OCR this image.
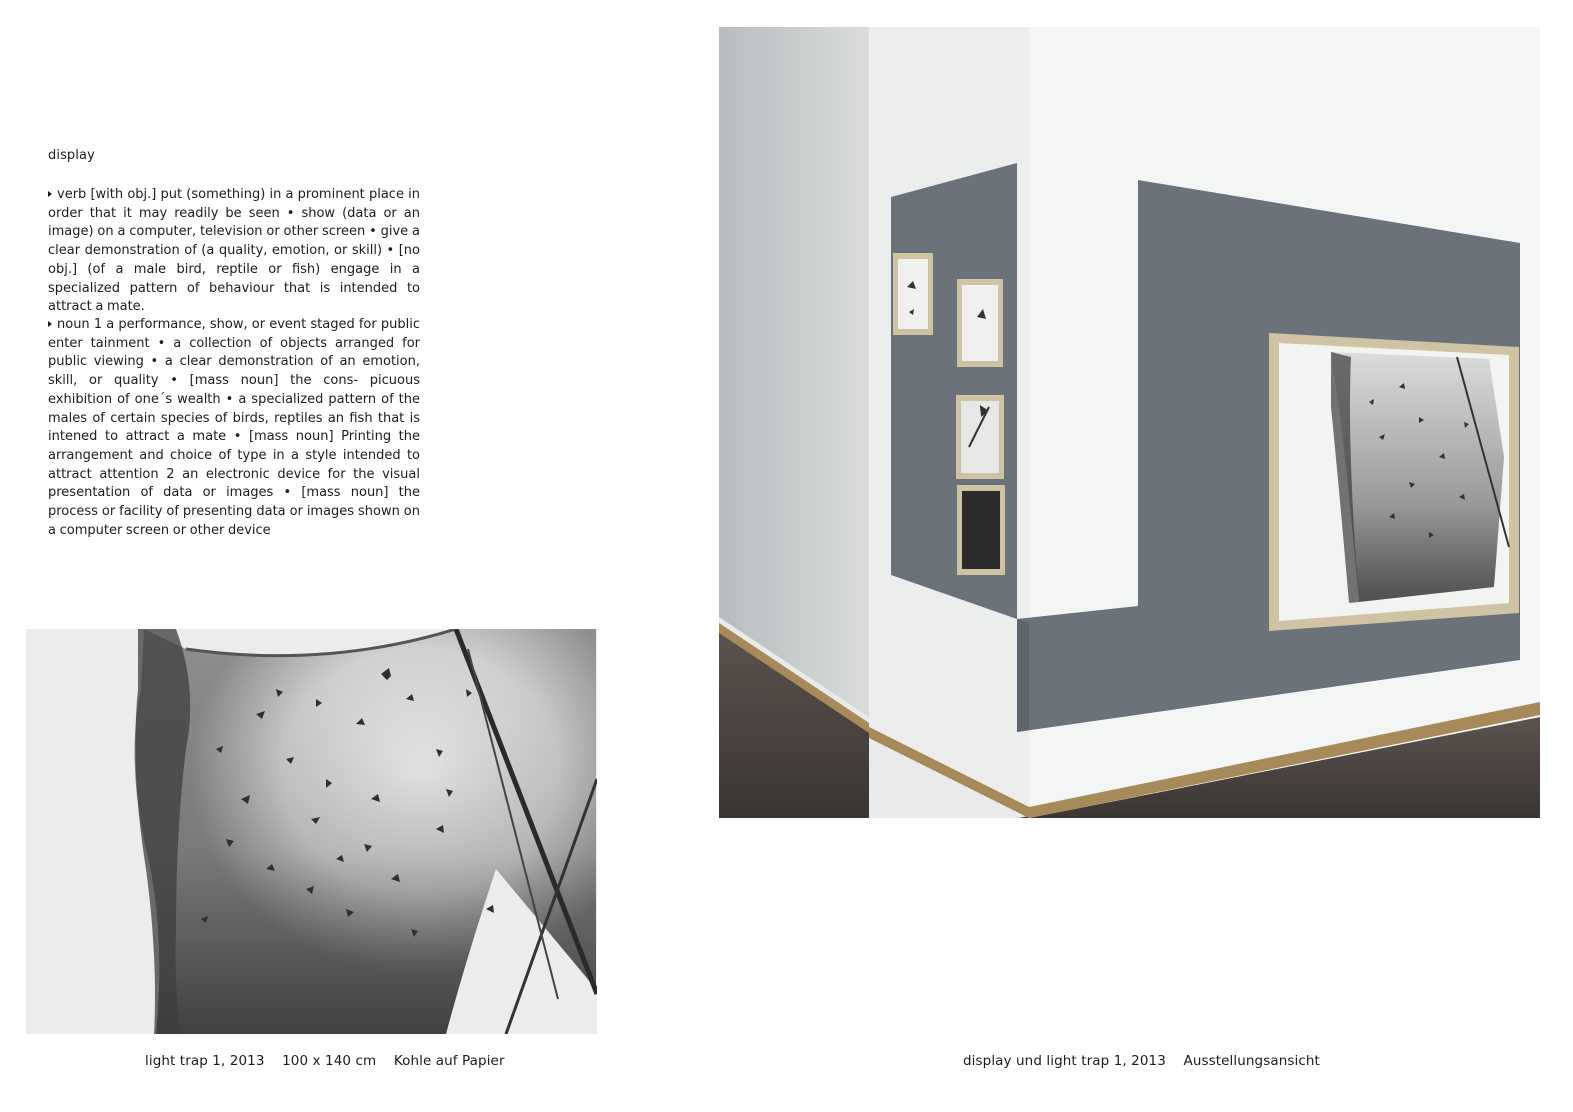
display

verb [with obj.] put (something) in a prominent place in order that it may readily be seen • show (data or an image) on a computer, television or other screen • give a clear demonstration of (a quality, emotion, or skill) • [no obj.] (of a male bird, reptile or fish) engage in a specialized pattern of behaviour that is intended to attract a mate.

noun 1 a performance, show, or event staged for public enter tainment • a collection of objects arranged for public viewing • a clear demonstration of an emotion, skill, or quality • [mass noun] the cons- picuous exhibition of one´s wealth • a specialized pattern of the males of certain species of birds, reptiles an fish that is intened to attract a mate • [mass noun] Printing the arrangement and choice of type in a style intended to attract attention 2 an electronic device for the visual presentation of data or images • [mass noun] the process or facility of presenting data or images shown on a computer screen or other device

light trap 1, 2013    100 x 140 cm    Kohle auf Papier	display und light trap 1, 2013    Ausstellungsansicht
